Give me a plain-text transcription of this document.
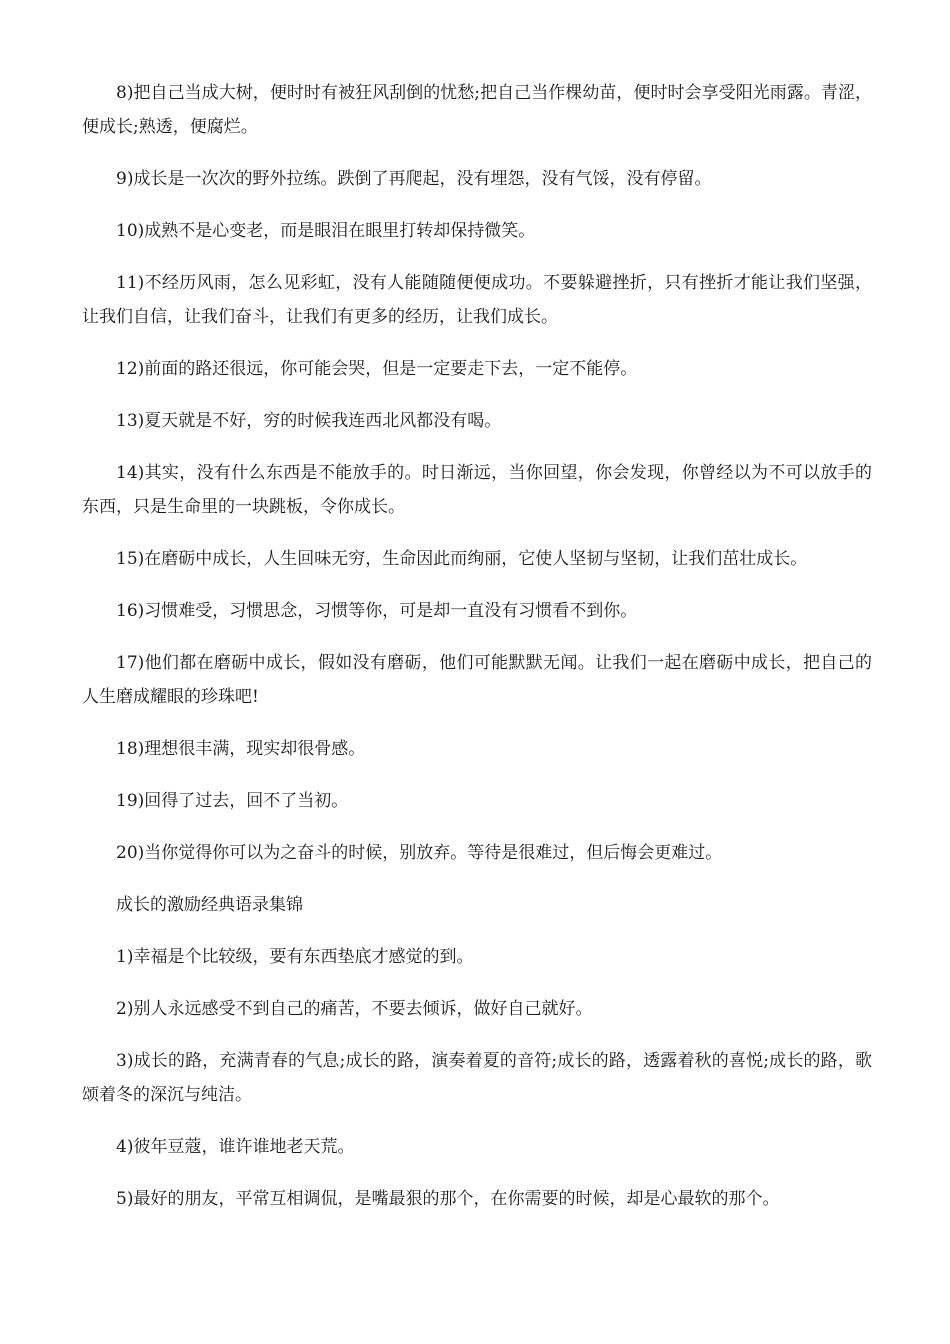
8)把自己当成大树，便时时有被狂风刮倒的忧愁;把自己当作棵幼苗，便时时会享受阳光雨露。青涩，便成长;熟透，便腐烂。

9)成长是一次次的野外拉练。跌倒了再爬起，没有埋怨，没有气馁，没有停留。

10)成熟不是心变老，而是眼泪在眼里打转却保持微笑。

11)不经历风雨，怎么见彩虹，没有人能随随便便成功。不要躲避挫折，只有挫折才能让我们坚强，让我们自信，让我们奋斗，让我们有更多的经历，让我们成长。

12)前面的路还很远，你可能会哭，但是一定要走下去，一定不能停。

13)夏天就是不好，穷的时候我连西北风都没有喝。

14)其实，没有什么东西是不能放手的。时日渐远，当你回望，你会发现，你曾经以为不可以放手的东西，只是生命里的一块跳板，令你成长。

15)在磨砺中成长，人生回味无穷，生命因此而绚丽，它使人坚韧与坚韧，让我们茁壮成长。

16)习惯难受，习惯思念，习惯等你，可是却一直没有习惯看不到你。

17)他们都在磨砺中成长，假如没有磨砺，他们可能默默无闻。让我们一起在磨砺中成长，把自己的人生磨成耀眼的珍珠吧!

18)理想很丰满，现实却很骨感。

19)回得了过去，回不了当初。

20)当你觉得你可以为之奋斗的时候，别放弃。等待是很难过，但后悔会更难过。

成长的激励经典语录集锦

1)幸福是个比较级，要有东西垫底才感觉的到。

2)别人永远感受不到自己的痛苦，不要去倾诉，做好自己就好。

3)成长的路，充满青春的气息;成长的路，演奏着夏的音符;成长的路，透露着秋的喜悦;成长的路，歌颂着冬的深沉与纯洁。

4)彼年豆蔻，谁许谁地老天荒。

5)最好的朋友，平常互相调侃，是嘴最狠的那个，在你需要的时候，却是心最软的那个。
